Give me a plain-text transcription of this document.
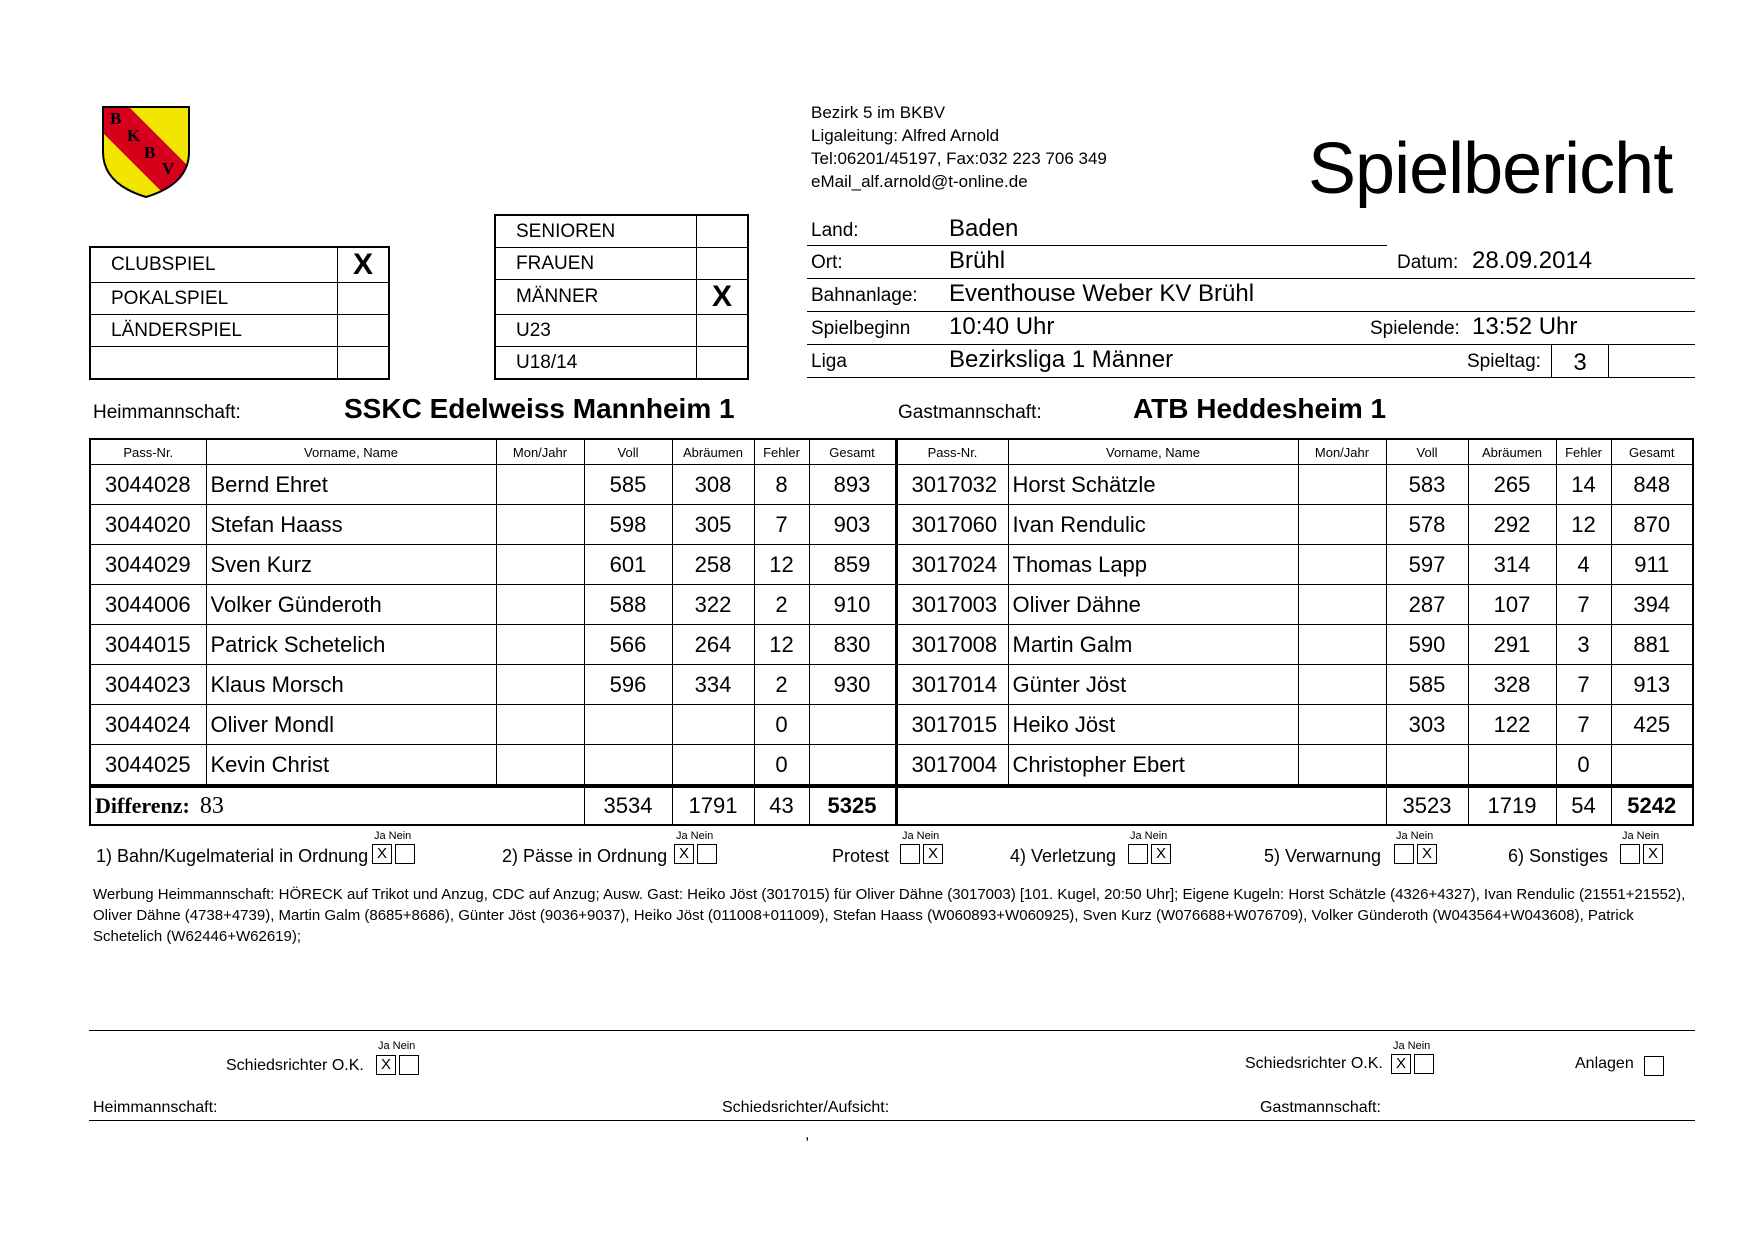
B
K
B
V
Bezirk 5 im BKBV
Ligaleitung: Alfred Arnold
Tel:06201/45197, Fax:032 223 706 349
eMail_alf.arnold@t-online.de	Spielbericht
CLUBSPIEL	X
POKALSPIEL	
LÄNDERSPIEL	

SENIOREN	
FRAUEN	
MÄNNER	X
U23	
U18/14	
Land:	Baden
Ort:	Brühl	Datum: 28.09.2014
Bahnanlage: Eventhouse Weber KV Brühl
Spielbeginn 10:40 Uhr	Spielende: 13:52 Uhr
Liga	Bezirksliga 1 Männer	Spieltag:	3
Heimmannschaft:	SSKC Edelweiss Mannheim 1	Gastmannschaft:	ATB Heddesheim 1
Pass-Nr.	Vorname, Name	Mon/Jahr	Voll	Abräumen	Fehler	Gesamt	Pass-Nr.	Vorname, Name	Mon/Jahr	Voll	Abräumen	Fehler	Gesamt
3044028	Bernd Ehret		585	308	8	893	3017032	Horst Schätzle		583	265	14	848
3044020	Stefan Haass		598	305	7	903	3017060	Ivan Rendulic		578	292	12	870
3044029	Sven Kurz		601	258	12	859	3017024	Thomas Lapp		597	314	4	911
3044006	Volker Günderoth		588	322	2	910	3017003	Oliver Dähne		287	107	7	394
3044015	Patrick Schetelich		566	264	12	830	3017008	Martin Galm		590	291	3	881
3044023	Klaus Morsch		596	334	2	930	3017014	Günter Jöst		585	328	7	913
3044024	Oliver Mondl				0		3017015	Heiko Jöst		303	122	7	425
3044025	Kevin Christ				0		3017004	Christopher Ebert				0	
Differenz: 83			3534	1791	43	5325				3523	1719	54	5242
1) Bahn/Kugelmaterial in Ordnung
Ja Nein
X	2) Pässe in Ordnung
Ja Nein
X	Protest
Ja Nein
X	4) Verletzung
Ja Nein
X	5) Verwarnung
Ja Nein
X	6) Sonstiges
Ja Nein
X
Werbung Heimmannschaft: HÖRECK auf Trikot und Anzug, CDC auf Anzug; Ausw. Gast: Heiko Jöst (3017015) für Oliver Dähne (3017003) [101. Kugel, 20:50 Uhr]; Eigene Kugeln: Horst Schätzle (4326+4327), Ivan Rendulic (21551+21552), Oliver Dähne (4738+4739), Martin Galm (8685+8686), Günter Jöst (9036+9037), Heiko Jöst (011008+011009), Stefan Haass (W060893+W060925), Sven Kurz (W076688+W076709), Volker Günderoth (W043564+W043608), Patrick Schetelich (W62446+W62619);
Ja Nein
Schiedsrichter O.K.	X
Ja Nein
Schiedsrichter O.K. X	Anlagen
Heimmannschaft:	Schiedsrichter/Aufsicht:	Gastmannschaft:
,
